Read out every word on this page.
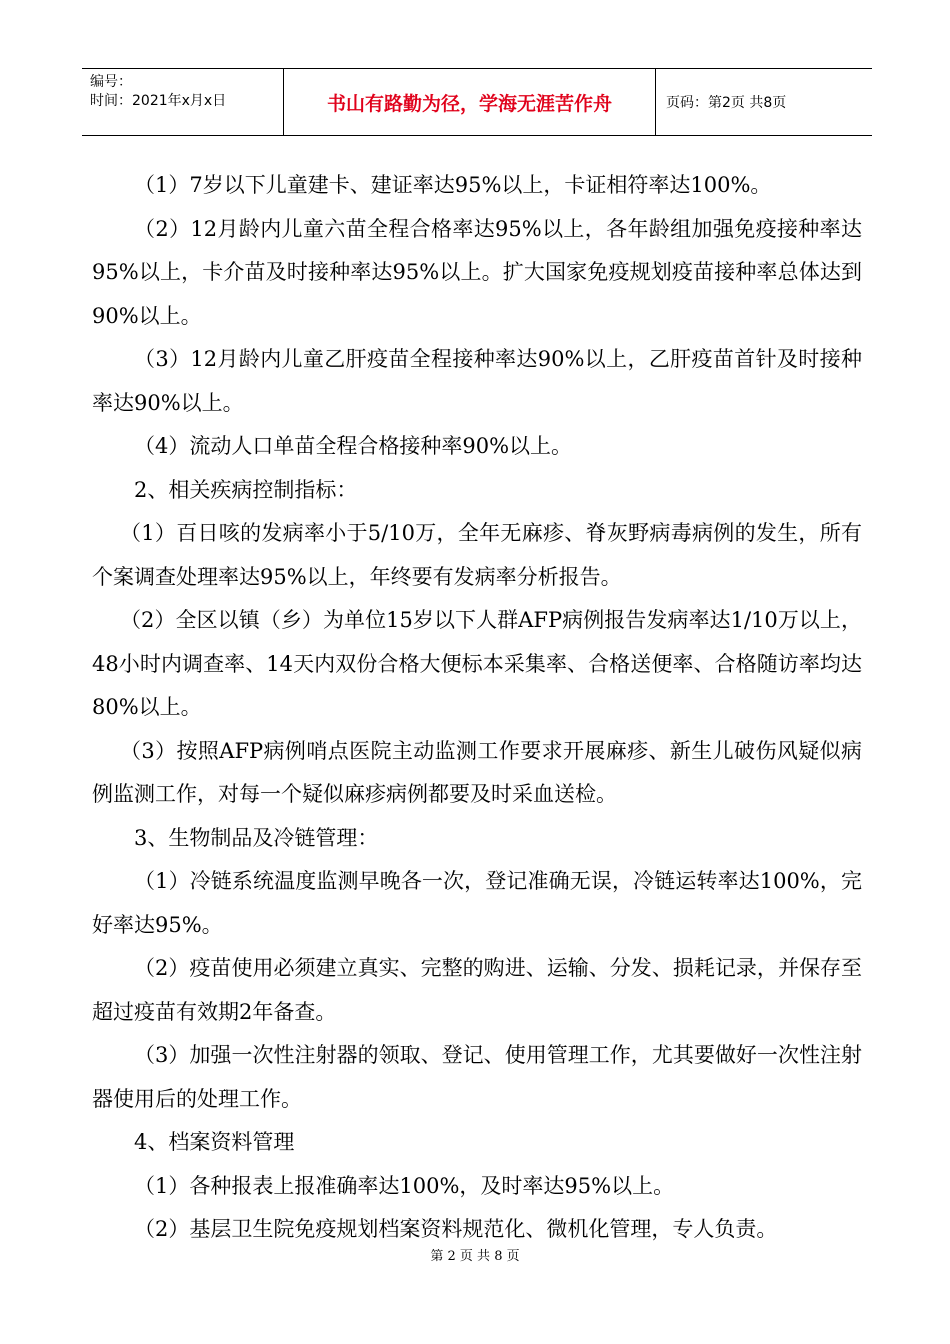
编号：
时间：2021年x月x日	书山有路勤为径，学海无涯苦作舟	页码：第2页 共8页

（1）7岁以下儿童建卡、建证率达95%以上，卡证相符率达100%。

（2）12月龄内儿童六苗全程合格率达95%以上，各年龄组加强免疫接种率达95%以上，卡介苗及时接种率达95%以上。扩大国家免疫规划疫苗接种率总体达到90%以上。

（3）12月龄内儿童乙肝疫苗全程接种率达90%以上，乙肝疫苗首针及时接种率达90%以上。

（4）流动人口单苗全程合格接种率90%以上。

2、相关疾病控制指标：

（1）百日咳的发病率小于5/10万，全年无麻疹、脊灰野病毒病例的发生，所有个案调查处理率达95%以上，年终要有发病率分析报告。

（2）全区以镇（乡）为单位15岁以下人群AFP病例报告发病率达1/10万以上，48小时内调查率、14天内双份合格大便标本采集率、合格送便率、合格随访率均达80%以上。

（3）按照AFP病例哨点医院主动监测工作要求开展麻疹、新生儿破伤风疑似病例监测工作，对每一个疑似麻疹病例都要及时采血送检。

3、生物制品及冷链管理：

（1）冷链系统温度监测早晚各一次，登记准确无误，冷链运转率达100%，完好率达95%。

（2）疫苗使用必须建立真实、完整的购进、运输、分发、损耗记录，并保存至超过疫苗有效期2年备查。

（3）加强一次性注射器的领取、登记、使用管理工作，尤其要做好一次性注射器使用后的处理工作。

4、档案资料管理

（1）各种报表上报准确率达100%，及时率达95%以上。

（2）基层卫生院免疫规划档案资料规范化、微机化管理，专人负责。

第 2 页 共 8 页
